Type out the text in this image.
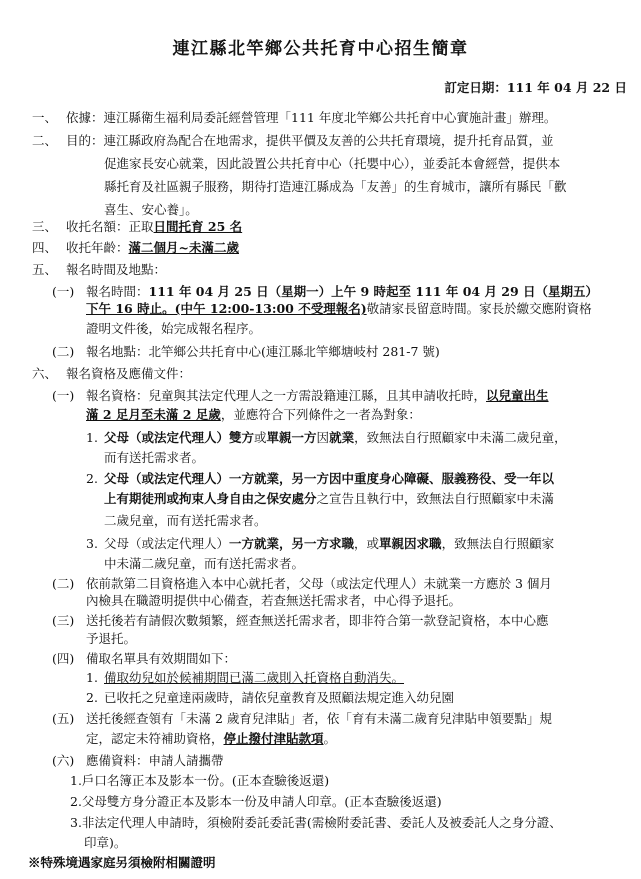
連江縣北竿鄉公共托育中心招生簡章
訂定日期：111 年 04 月 22 日
一、 依據：連江縣衛生福利局委託經營管理「111 年度北竿鄉公共托育中心實施計畫」辦理。
二、 目的：連江縣政府為配合在地需求，提供平價及友善的公共托育環境，提升托育品質，並
促進家長安心就業，因此設置公共托育中心（托嬰中心），並委託本會經營，提供本
縣托育及社區親子服務，期待打造連江縣成為「友善」的生育城市，讓所有縣民「歡
喜生、安心養」。
三、 收托名額：正取日間托育 25 名
四、 收托年齡：滿二個月~未滿二歲
五、 報名時間及地點：
(一) 報名時間：111 年 04 月 25 日（星期一）上午 9 時起至 111 年 04 月 29 日（星期五）
下午 16 時止。(中午 12:00-13:00 不受理報名)敬請家長留意時間。家長於繳交應附資格
證明文件後，始完成報名程序。
(二) 報名地點：北竿鄉公共托育中心(連江縣北竿鄉塘岐村 281-7 號)
六、 報名資格及應備文件：
(一) 報名資格：兒童與其法定代理人之一方需設籍連江縣，且其申請收托時，以兒童出生
滿 2 足月至未滿 2 足歲，並應符合下列條件之一者為對象：
1. 父母（或法定代理人）雙方或單親一方因就業，致無法自行照顧家中未滿二歲兒童，
而有送托需求者。
2. 父母（或法定代理人）一方就業，另一方因中重度身心障礙、服義務役、受一年以
上有期徒刑或拘束人身自由之保安處分之宣告且執行中，致無法自行照顧家中未滿
二歲兒童，而有送托需求者。
3. 父母（或法定代理人）一方就業，另一方求職，或單親因求職，致無法自行照顧家
中未滿二歲兒童，而有送托需求者。
(二) 依前款第二目資格進入本中心就托者，父母（或法定代理人）未就業一方應於 3 個月
內檢具在職證明提供中心備查，若查無送托需求者，中心得予退托。
(三) 送托後若有請假次數頻繁，經查無送托需求者，即非符合第一款登記資格，本中心應
予退托。
(四) 備取名單具有效期間如下：
1. 備取幼兒如於候補期間已滿二歲則入托資格自動消失。
2. 已收托之兒童達兩歲時，請依兒童教育及照顧法規定進入幼兒園
(五) 送托後經查領有「未滿 2 歲育兒津貼」者，依「育有未滿二歲育兒津貼申領要點」規
定，認定未符補助資格，停止撥付津貼款項。
(六) 應備資料：申請人請攜帶
1.戶口名簿正本及影本一份。(正本查驗後返還)
2.父母雙方身分證正本及影本一份及申請人印章。(正本查驗後返還)
3.非法定代理人申請時，須檢附委託委託書(需檢附委託書、委託人及被委託人之身分證、
印章)。
※特殊境遇家庭另須檢附相關證明
